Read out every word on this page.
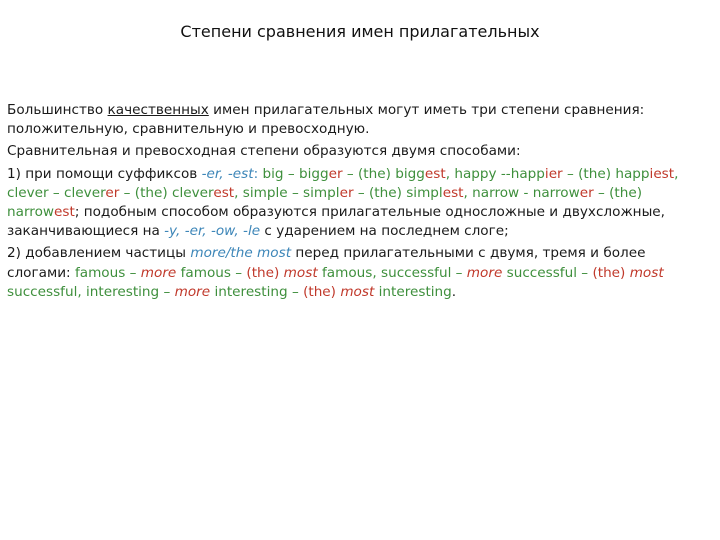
Степени сравнения имен прилагательных

Большинство качественных имен прилагательных могут иметь три степени сравнения: положительную, сравнительную и превосходную.

Сравнительная и превосходная степени образуются двумя способами:

1) при помощи суффиксов -er, -est: big – bigger – (the) biggest, happy --happier – (the) happiest, clever – cleverer – (the) cleverest, simple – simpler – (the) simplest, narrow - narrower – (the) narrowest; подобным способом образуются прилагательные односложные и двухсложные, заканчивающиеся на -y, -er, -ow, -le с ударением на последнем слоге;

2) добавлением частицы more/the most перед прилагательными с двумя, тремя и более слогами: famous – more famous – (the) most famous, successful – more successful – (the) most successful, interesting – more interesting – (the) most interesting.
